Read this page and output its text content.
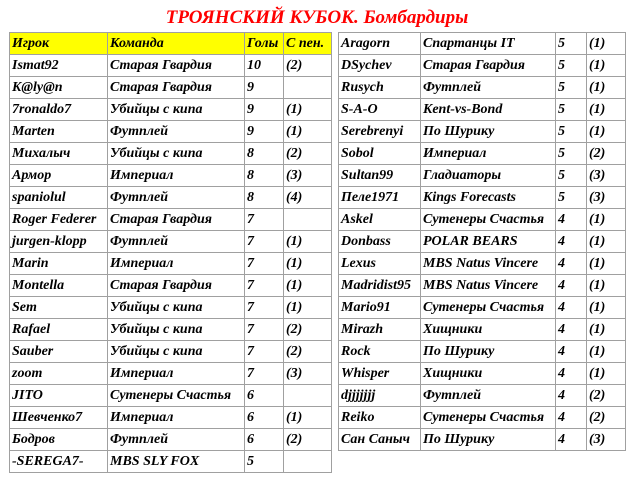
ТРОЯНСКИЙ КУБОК. Бомбардиры
Игрок	Команда	Голы	С пен.
Ismat92	Старая Гвардия	10	(2)
K@ly@n	Старая Гвардия	9	
7ronaldo7	Убийцы с кипа	9	(1)
Marten	Футплей	9	(1)
Михалыч	Убийцы с кипа	8	(2)
Армор	Империал	8	(3)
spaniolul	Футплей	8	(4)
Roger Federer	Старая Гвардия	7	
jurgen-klopp	Футплей	7	(1)
Marin	Империал	7	(1)
Montella	Старая Гвардия	7	(1)
Sem	Убийцы с кипа	7	(1)
Rafael	Убийцы с кипа	7	(2)
Sauber	Убийцы с кипа	7	(2)
zoom	Империал	7	(3)
JITO	Сутенеры Счастья	6	
Шевченко7	Империал	6	(1)
Бодров	Футплей	6	(2)
-SEREGA7-	MBS SLY FOX	5	
Aragorn	Спартанцы IT	5	(1)
DSychev	Старая Гвардия	5	(1)
Rusych	Футплей	5	(1)
S-A-O	Kent-vs-Bond	5	(1)
Serebrenyi	По Шурику	5	(1)
Sobol	Империал	5	(2)
Sultan99	Гладиаторы	5	(3)
Пеле1971	Kings Forecasts	5	(3)
Askel	Сутенеры Счастья	4	(1)
Donbass	POLAR BEARS	4	(1)
Lexus	MBS Natus Vincere	4	(1)
Madridist95	MBS Natus Vincere	4	(1)
Mario91	Сутенеры Счастья	4	(1)
Mirazh	Хищники	4	(1)
Rock	По Шурику	4	(1)
Whisper	Хищники	4	(1)
djjjjjjj	Футплей	4	(2)
Reiko	Сутенеры Счастья	4	(2)
Сан Саныч	По Шурику	4	(3)
